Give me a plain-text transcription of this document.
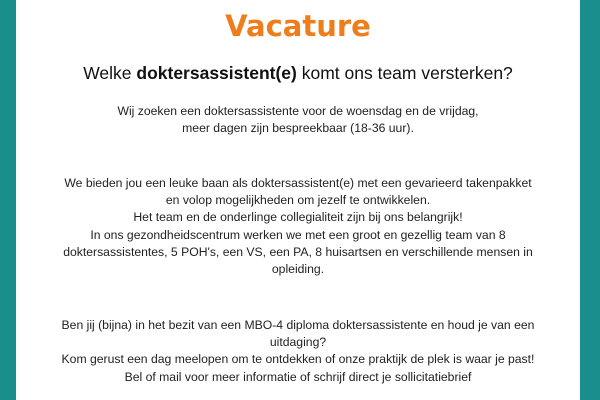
Vacature
Welke doktersassistent(e) komt ons team versterken?
Wij zoeken een doktersassistente voor de woensdag en de vrijdag,
meer dagen zijn bespreekbaar (18-36 uur).
We bieden jou een leuke baan als doktersassistent(e) met een gevarieerd takenpakket
en volop mogelijkheden om jezelf te ontwikkelen.
Het team en de onderlinge collegialiteit zijn bij ons belangrijk!
In ons gezondheidscentrum werken we met een groot en gezellig team van 8
doktersassistentes, 5 POH's, een VS, een PA, 8 huisartsen en verschillende mensen in
opleiding.
Ben jij (bijna) in het bezit van een MBO-4 diploma doktersassistente en houd je van een
uitdaging?
Kom gerust een dag meelopen om te ontdekken of onze praktijk de plek is waar je past!
Bel of mail voor meer informatie of schrijf direct je sollicitatiebrief
